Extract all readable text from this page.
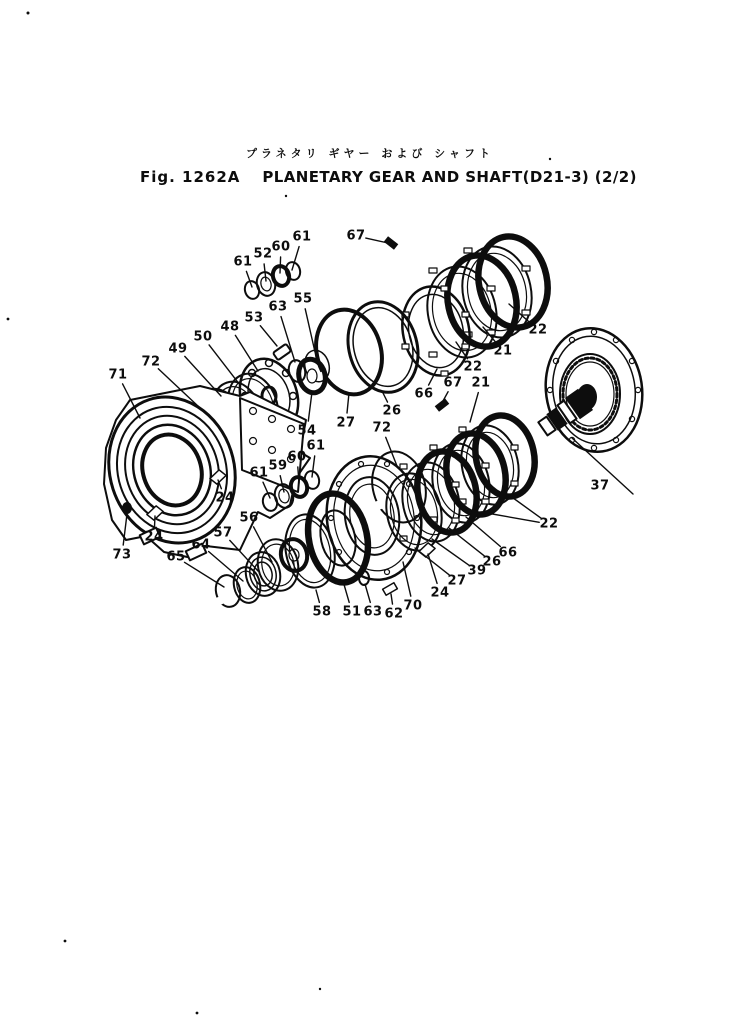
プラネタリ ギヤー および シャフト
Fig. 1262A PLANETARY GEAR AND SHAFT(D21-3) (2/2)
71
72
49
50
48
53
63
55
61
52
60
61	67
54
27
26
72
66
67 21
22
21
22
37
22
66
26
39
27
24
70
61
60
59
61
24
24
73
56
57
64
65
58 51 63 62
